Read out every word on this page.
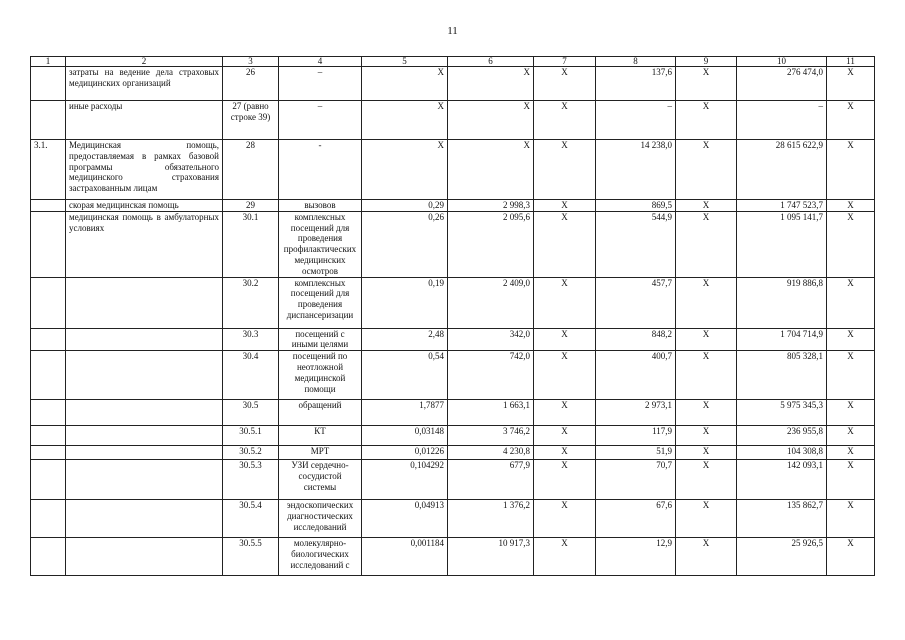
11
1	2	3	4	5	6	7	8	9	10	11
	затраты на ведение дела страховых медицинских организаций	26	–	Х	Х	Х	137,6	Х	276 474,0	Х
	иные расходы	27 (равно строке 39)	–	Х	Х	Х	–	Х	–	Х
3.1.	Медицинская помощь, предоставляемая в рамках базовой программы обязательного медицинского страхования застрахованным лицам	28	-	Х	Х	Х	14 238,0	Х	28 615 622,9	Х
	скорая медицинская помощь	29	вызовов	0,29	2 998,3	Х	869,5	Х	1 747 523,7	Х
	медицинская помощь в амбулаторных условиях	30.1	комплексных посещений для проведения профилактических медицинских осмотров	0,26	2 095,6	Х	544,9	Х	1 095 141,7	Х
		30.2	комплексных посещений для проведения диспансеризации	0,19	2 409,0	Х	457,7	Х	919 886,8	Х
		30.3	посещений с иными целями	2,48	342,0	Х	848,2	Х	1 704 714,9	Х
		30.4	посещений по неотложной медицинской помощи	0,54	742,0	Х	400,7	Х	805 328,1	Х
		30.5	обращений	1,7877	1 663,1	Х	2 973,1	Х	5 975 345,3	Х
		30.5.1	КТ	0,03148	3 746,2	Х	117,9	Х	236 955,8	Х
		30.5.2	МРТ	0,01226	4 230,8	Х	51,9	Х	104 308,8	Х
		30.5.3	УЗИ сердечно-сосудистой системы	0,104292	677,9	Х	70,7	Х	142 093,1	Х
		30.5.4	эндоскопических диагностических исследований	0,04913	1 376,2	Х	67,6	Х	135 862,7	Х
		30.5.5	молекулярно-биологических исследований с	0,001184	10 917,3	Х	12,9	Х	25 926,5	Х
